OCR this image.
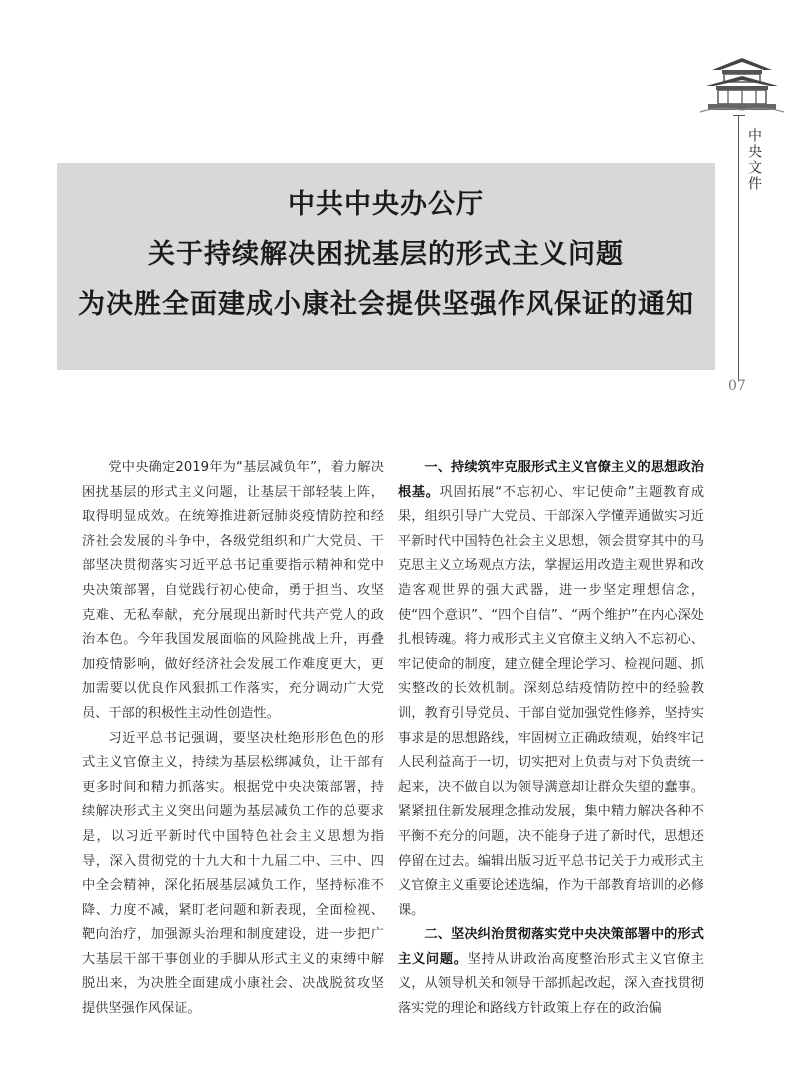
中央文件
07
中共中央办公厅
关于持续解决困扰基层的形式主义问题
为决胜全面建成小康社会提供坚强作风保证的通知

党中央确定2019年为“基层减负年”，着力解决困扰基层的形式主义问题，让基层干部轻装上阵，取得明显成效。在统筹推进新冠肺炎疫情防控和经济社会发展的斗争中，各级党组织和广大党员、干部坚决贯彻落实习近平总书记重要指示精神和党中央决策部署，自觉践行初心使命，勇于担当、攻坚克难、无私奉献，充分展现出新时代共产党人的政治本色。今年我国发展面临的风险挑战上升，再叠加疫情影响，做好经济社会发展工作难度更大，更加需要以优良作风狠抓工作落实，充分调动广大党员、干部的积极性主动性创造性。

习近平总书记强调，要坚决杜绝形形色色的形式主义官僚主义，持续为基层松绑减负，让干部有更多时间和精力抓落实。根据党中央决策部署，持续解决形式主义突出问题为基层减负工作的总要求是，以习近平新时代中国特色社会主义思想为指导，深入贯彻党的十九大和十九届二中、三中、四中全会精神，深化拓展基层减负工作，坚持标准不降、力度不减，紧盯老问题和新表现，全面检视、靶向治疗，加强源头治理和制度建设，进一步把广大基层干部干事创业的手脚从形式主义的束缚中解脱出来，为决胜全面建成小康社会、决战脱贫攻坚提供坚强作风保证。

一、持续筑牢克服形式主义官僚主义的思想政治根基。巩固拓展“不忘初心、牢记使命”主题教育成果，组织引导广大党员、干部深入学懂弄通做实习近平新时代中国特色社会主义思想，领会贯穿其中的马克思主义立场观点方法，掌握运用改造主观世界和改造客观世界的强大武器，进一步坚定理想信念，使“四个意识”、“四个自信”、“两个维护”在内心深处扎根铸魂。将力戒形式主义官僚主义纳入不忘初心、牢记使命的制度，建立健全理论学习、检视问题、抓实整改的长效机制。深刻总结疫情防控中的经验教训，教育引导党员、干部自觉加强党性修养，坚持实事求是的思想路线，牢固树立正确政绩观，始终牢记人民利益高于一切，切实把对上负责与对下负责统一起来，决不做自以为领导满意却让群众失望的蠢事。紧紧扭住新发展理念推动发展，集中精力解决各种不平衡不充分的问题，决不能身子进了新时代，思想还停留在过去。编辑出版习近平总书记关于力戒形式主义官僚主义重要论述选编，作为干部教育培训的必修课。

二、坚决纠治贯彻落实党中央决策部署中的形式主义问题。坚持从讲政治高度整治形式主义官僚主义，从领导机关和领导干部抓起改起，深入查找贯彻落实党的理论和路线方针政策上存在的政治偏
